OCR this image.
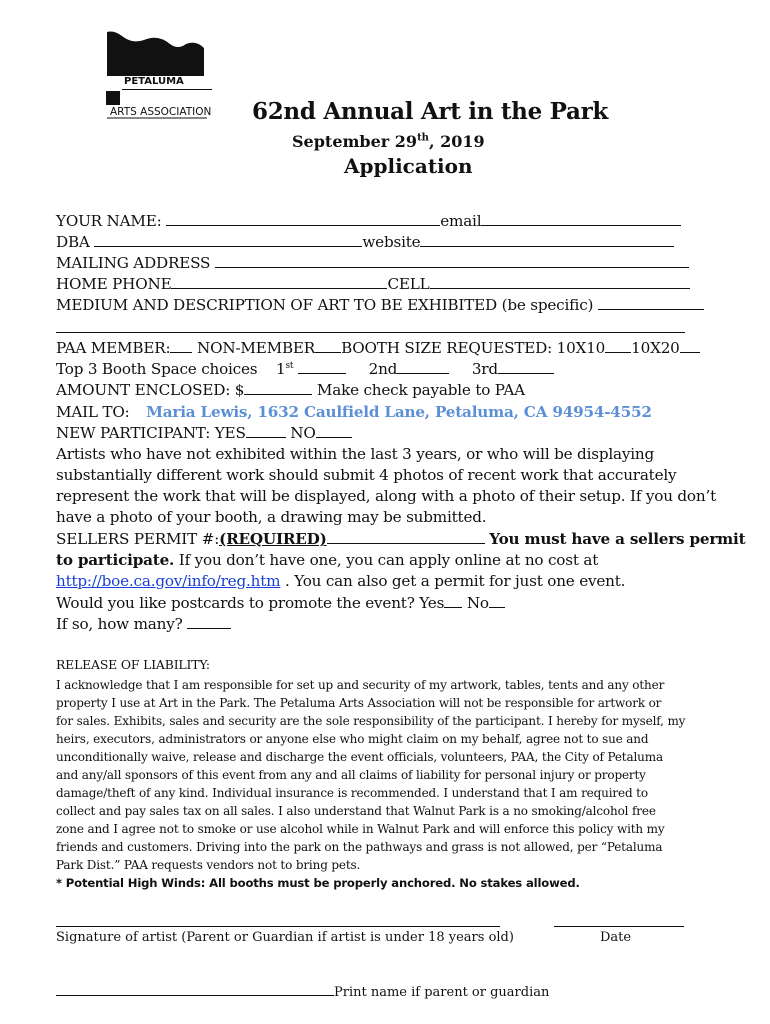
PETALUMA
ARTS ASSOCIATION 62nd Annual Art in the Park
September 29th, 2019
Application
YOUR NAME:	email
DBA	website
MAILING ADDRESS
HOME PHONE	CELL
MEDIUM AND DESCRIPTION OF ART TO BE EXHIBITED (be specific)
PAA MEMBER: NON-MEMBER BOOTH SIZE REQUESTED: 10X10 10X20
Top 3 Booth Space choices 1st	2nd	3rd
AMOUNT ENCLOSED: $	Make check payable to PAA
MAIL TO: Maria Lewis, 1632 Caulfield Lane, Petaluma, CA 94954-4552
NEW PARTICIPANT: YES	NO
Artists who have not exhibited within the last 3 years, or who will be displaying
substantially different work should submit 4 photos of recent work that accurately
represent the work that will be displayed, along with a photo of their setup. If you don’t
have a photo of your booth, a drawing may be submitted.
SELLERS PERMIT #:(REQUIRED)	You must have a sellers permit
to participate. If you don’t have one, you can apply online at no cost at
http://boe.ca.gov/info/reg.htm . You can also get a permit for just one event.
Would you like postcards to promote the event? Yes No
If so, how many?
RELEASE OF LIABILITY:
I acknowledge that I am responsible for set up and security of my artwork, tables, tents and any other
property I use at Art in the Park. The Petaluma Arts Association will not be responsible for artwork or
for sales. Exhibits, sales and security are the sole responsibility of the participant. I hereby for myself, my
heirs, executors, administrators or anyone else who might claim on my behalf, agree not to sue and
unconditionally waive, release and discharge the event officials, volunteers, PAA, the City of Petaluma
and any/all sponsors of this event from any and all claims of liability for personal injury or property
damage/theft of any kind. Individual insurance is recommended. I understand that I am required to
collect and pay sales tax on all sales. I also understand that Walnut Park is a no smoking/alcohol free
zone and I agree not to smoke or use alcohol while in Walnut Park and will enforce this policy with my
friends and customers. Driving into the park on the pathways and grass is not allowed, per “Petaluma
Park Dist.” PAA requests vendors not to bring pets.
* Potential High Winds: All booths must be properly anchored. No stakes allowed.
Signature of artist (Parent or Guardian if artist is under 18 years old)	Date
Print name if parent or guardian
